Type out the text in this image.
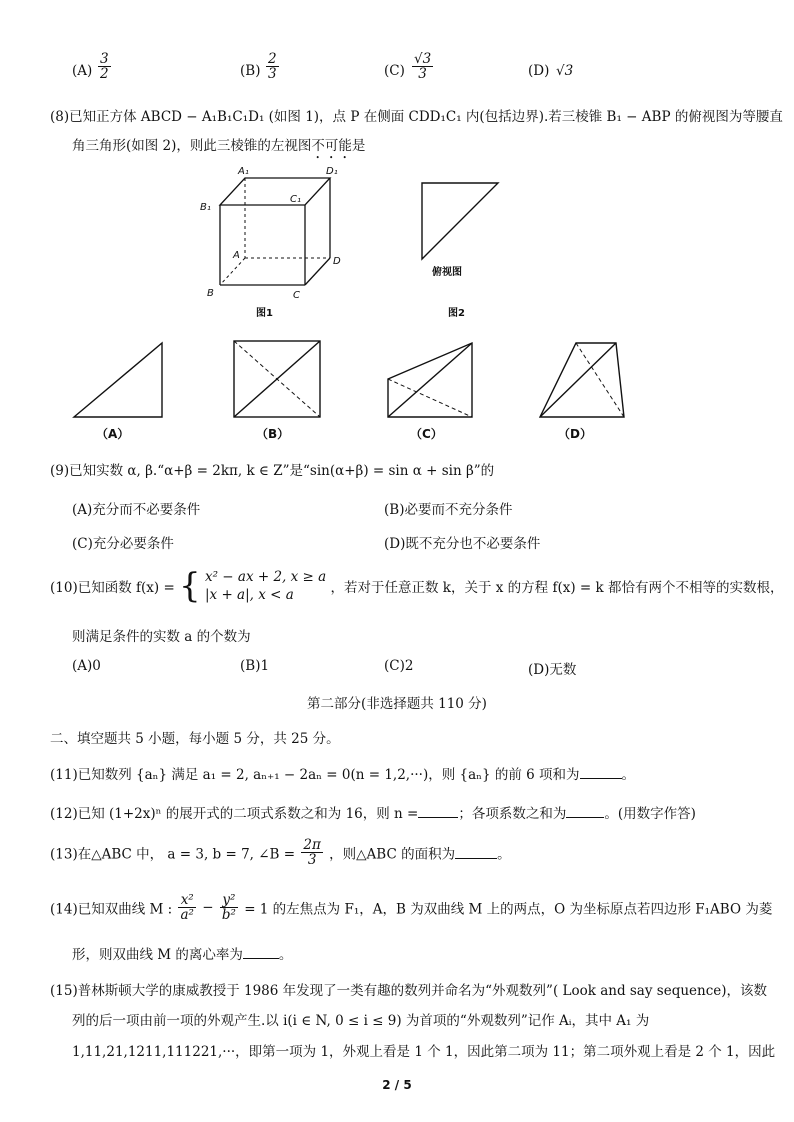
$(A) \frac{3}{2}$	$(B) \frac{2}{3}$	$(C) \frac{√3}{3}$	(D) √3
(8)已知正方体 ABCD − A₁B₁C₁D₁ (如图 1)，点 P 在侧面 CDD₁C₁ 内(包括边界).若三棱锥 B₁ − ABP 的俯视图为等腰直
角三角形(如图 2)，则此三棱锥的左视图不可能是
A₁	D₁
B₁
C₁
A
D
B	C
图1
俯视图
图2
（A）	（B）	（C）	（D）
(9)已知实数 α, β.“α+β = 2kπ, k ∈ Z”是“sin(α+β) = sin α + sin β”的
(A)充分而不必要条件	(B)必要而不充分条件
(C)充分必要条件	(D)既不充分也不必要条件
(10)已知函数 f(x) = { x² − ax + 2, x ≥ a
|x + a|, x < a	，若对于任意正数 k，关于 x 的方程 f(x) = k 都恰有两个不相等的实数根，
则满足条件的实数 a 的个数为
(A)0	(B)1	(C)2	(D)无数
第二部分(非选择题共 110 分)
二、填空题共 5 小题，每小题 5 分，共 25 分。
(11)已知数列 {aₙ} 满足 a₁ = 2, aₙ₊₁ − 2aₙ = 0(n = 1,2,···)，则 {aₙ} 的前 6 项和为	。
(12)已知 (1+2x)ⁿ 的展开式的二项式系数之和为 16，则 n =	；各项系数之和为	。(用数字作答)
(13)在△ABC 中， a = 3, b = 7, ∠B = $\frac{2\pi}{3}$ ，则△ABC 的面积为	。
(14)已知双曲线 M : $\frac{\text{x²}}{\text{a²}} - \frac{\text{y²}}{\text{b²}} = 1$ 的左焦点为 F₁，A，B 为双曲线 M 上的两点，O 为坐标原点若四边形 F₁ABO 为菱
形，则双曲线 M 的离心率为	。
(15)普林斯顿大学的康威教授于 1986 年发现了一类有趣的数列并命名为“外观数列”( Look and say sequence)，该数
列的后一项由前一项的外观产生.以 i(i ∈ N, 0 ≤ i ≤ 9) 为首项的“外观数列”记作 Aᵢ，其中 A₁ 为
1,11,21,1211,111221,···，即第一项为 1，外观上看是 1 个 1，因此第二项为 11；第二项外观上看是 2 个 1，因此
2 / 5
